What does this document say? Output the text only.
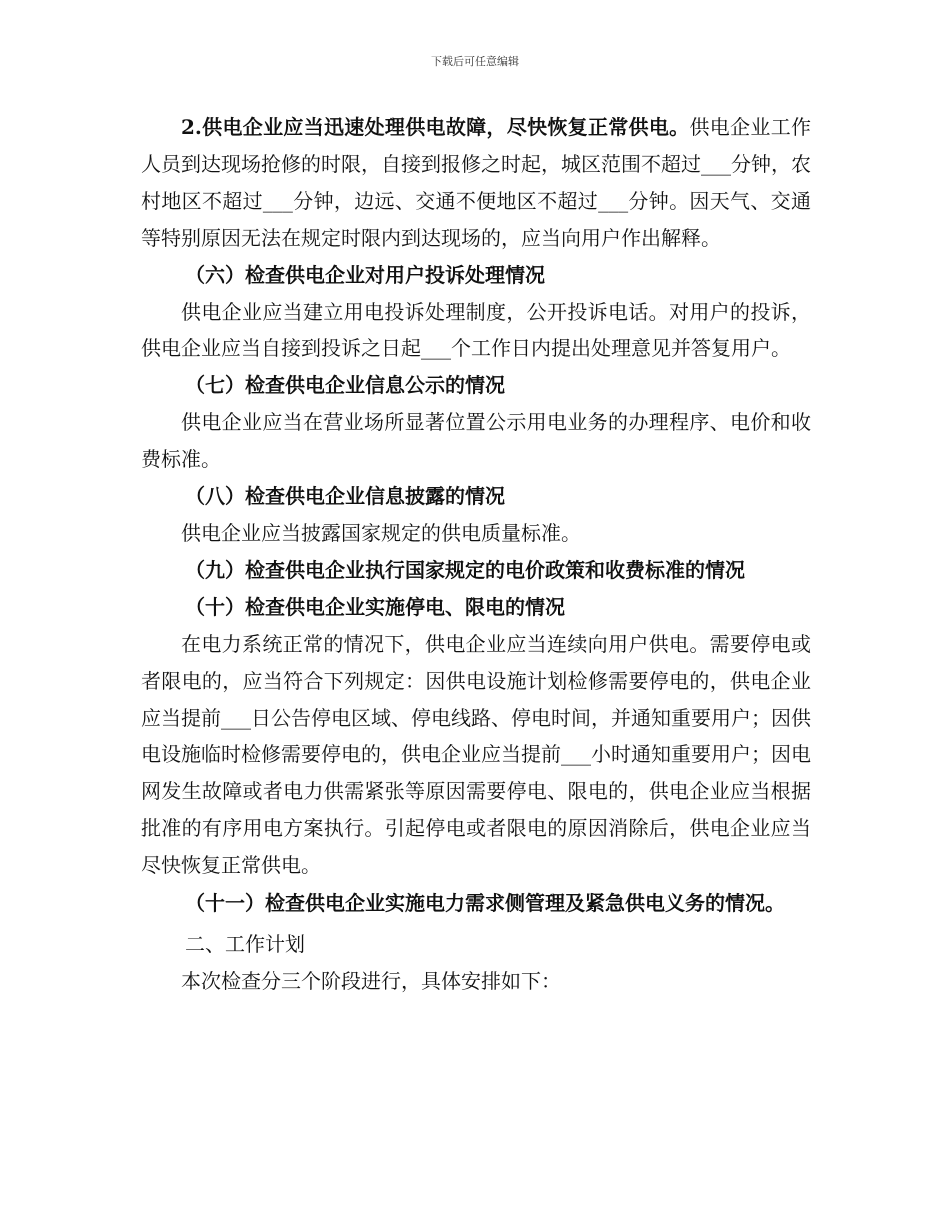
下载后可任意编辑

2.供电企业应当迅速处理供电故障，尽快恢复正常供电。供电企业工作人员到达现场抢修的时限，自接到报修之时起，城区范围不超过___分钟，农村地区不超过___分钟，边远、交通不便地区不超过___分钟。因天气、交通等特别原因无法在规定时限内到达现场的，应当向用户作出解释。

（六）检查供电企业对用户投诉处理情况

供电企业应当建立用电投诉处理制度，公开投诉电话。对用户的投诉，供电企业应当自接到投诉之日起___个工作日内提出处理意见并答复用户。

（七）检查供电企业信息公示的情况

供电企业应当在营业场所显著位置公示用电业务的办理程序、电价和收费标准。

（八）检查供电企业信息披露的情况

供电企业应当披露国家规定的供电质量标准。

（九）检查供电企业执行国家规定的电价政策和收费标准的情况

（十）检查供电企业实施停电、限电的情况

在电力系统正常的情况下，供电企业应当连续向用户供电。需要停电或者限电的，应当符合下列规定：因供电设施计划检修需要停电的，供电企业应当提前___日公告停电区域、停电线路、停电时间，并通知重要用户；因供电设施临时检修需要停电的，供电企业应当提前___小时通知重要用户；因电网发生故障或者电力供需紧张等原因需要停电、限电的，供电企业应当根据批准的有序用电方案执行。引起停电或者限电的原因消除后，供电企业应当尽快恢复正常供电。

（十一）检查供电企业实施电力需求侧管理及紧急供电义务的情况。

二、工作计划

本次检查分三个阶段进行，具体安排如下：
